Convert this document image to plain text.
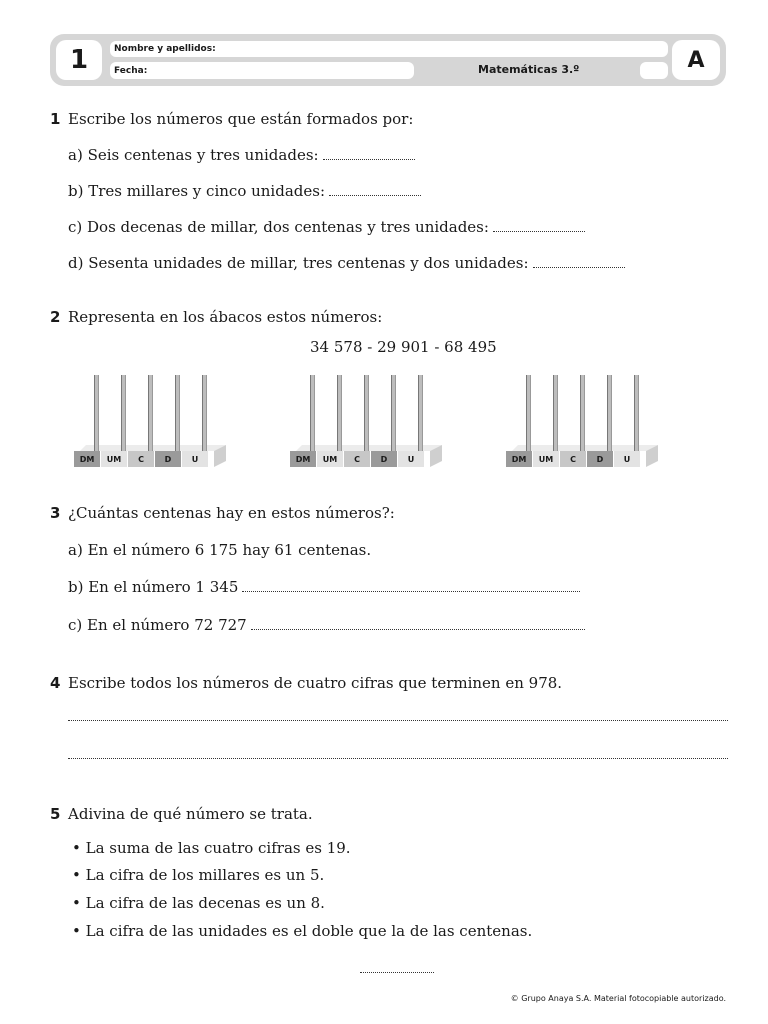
1	Nombre y apellidos:
Fecha:	Matemáticas 3.º	A
1 Escribe los números que están formados por:
a) Seis centenas y tres unidades:
b) Tres millares y cinco unidades:
c) Dos decenas de millar, dos centenas y tres unidades:
d) Sesenta unidades de millar, tres centenas y dos unidades:
2 Representa en los ábacos estos números:
34 578 - 29 901 - 68 495
DM	UM	C	D	U	DM	UM	C	D	U	DM	UM	C	D	U
3 ¿Cuántas centenas hay en estos números?:
a) En el número 6 175 hay 61 centenas.
b) En el número 1 345
c) En el número 72 727
4 Escribe todos los números de cuatro cifras que terminen en 978.
5 Adivina de qué número se trata.
• La suma de las cuatro cifras es 19.
• La cifra de los millares es un 5.
• La cifra de las decenas es un 8.
• La cifra de las unidades es el doble que la de las centenas.
© Grupo Anaya S.A. Material fotocopiable autorizado.
